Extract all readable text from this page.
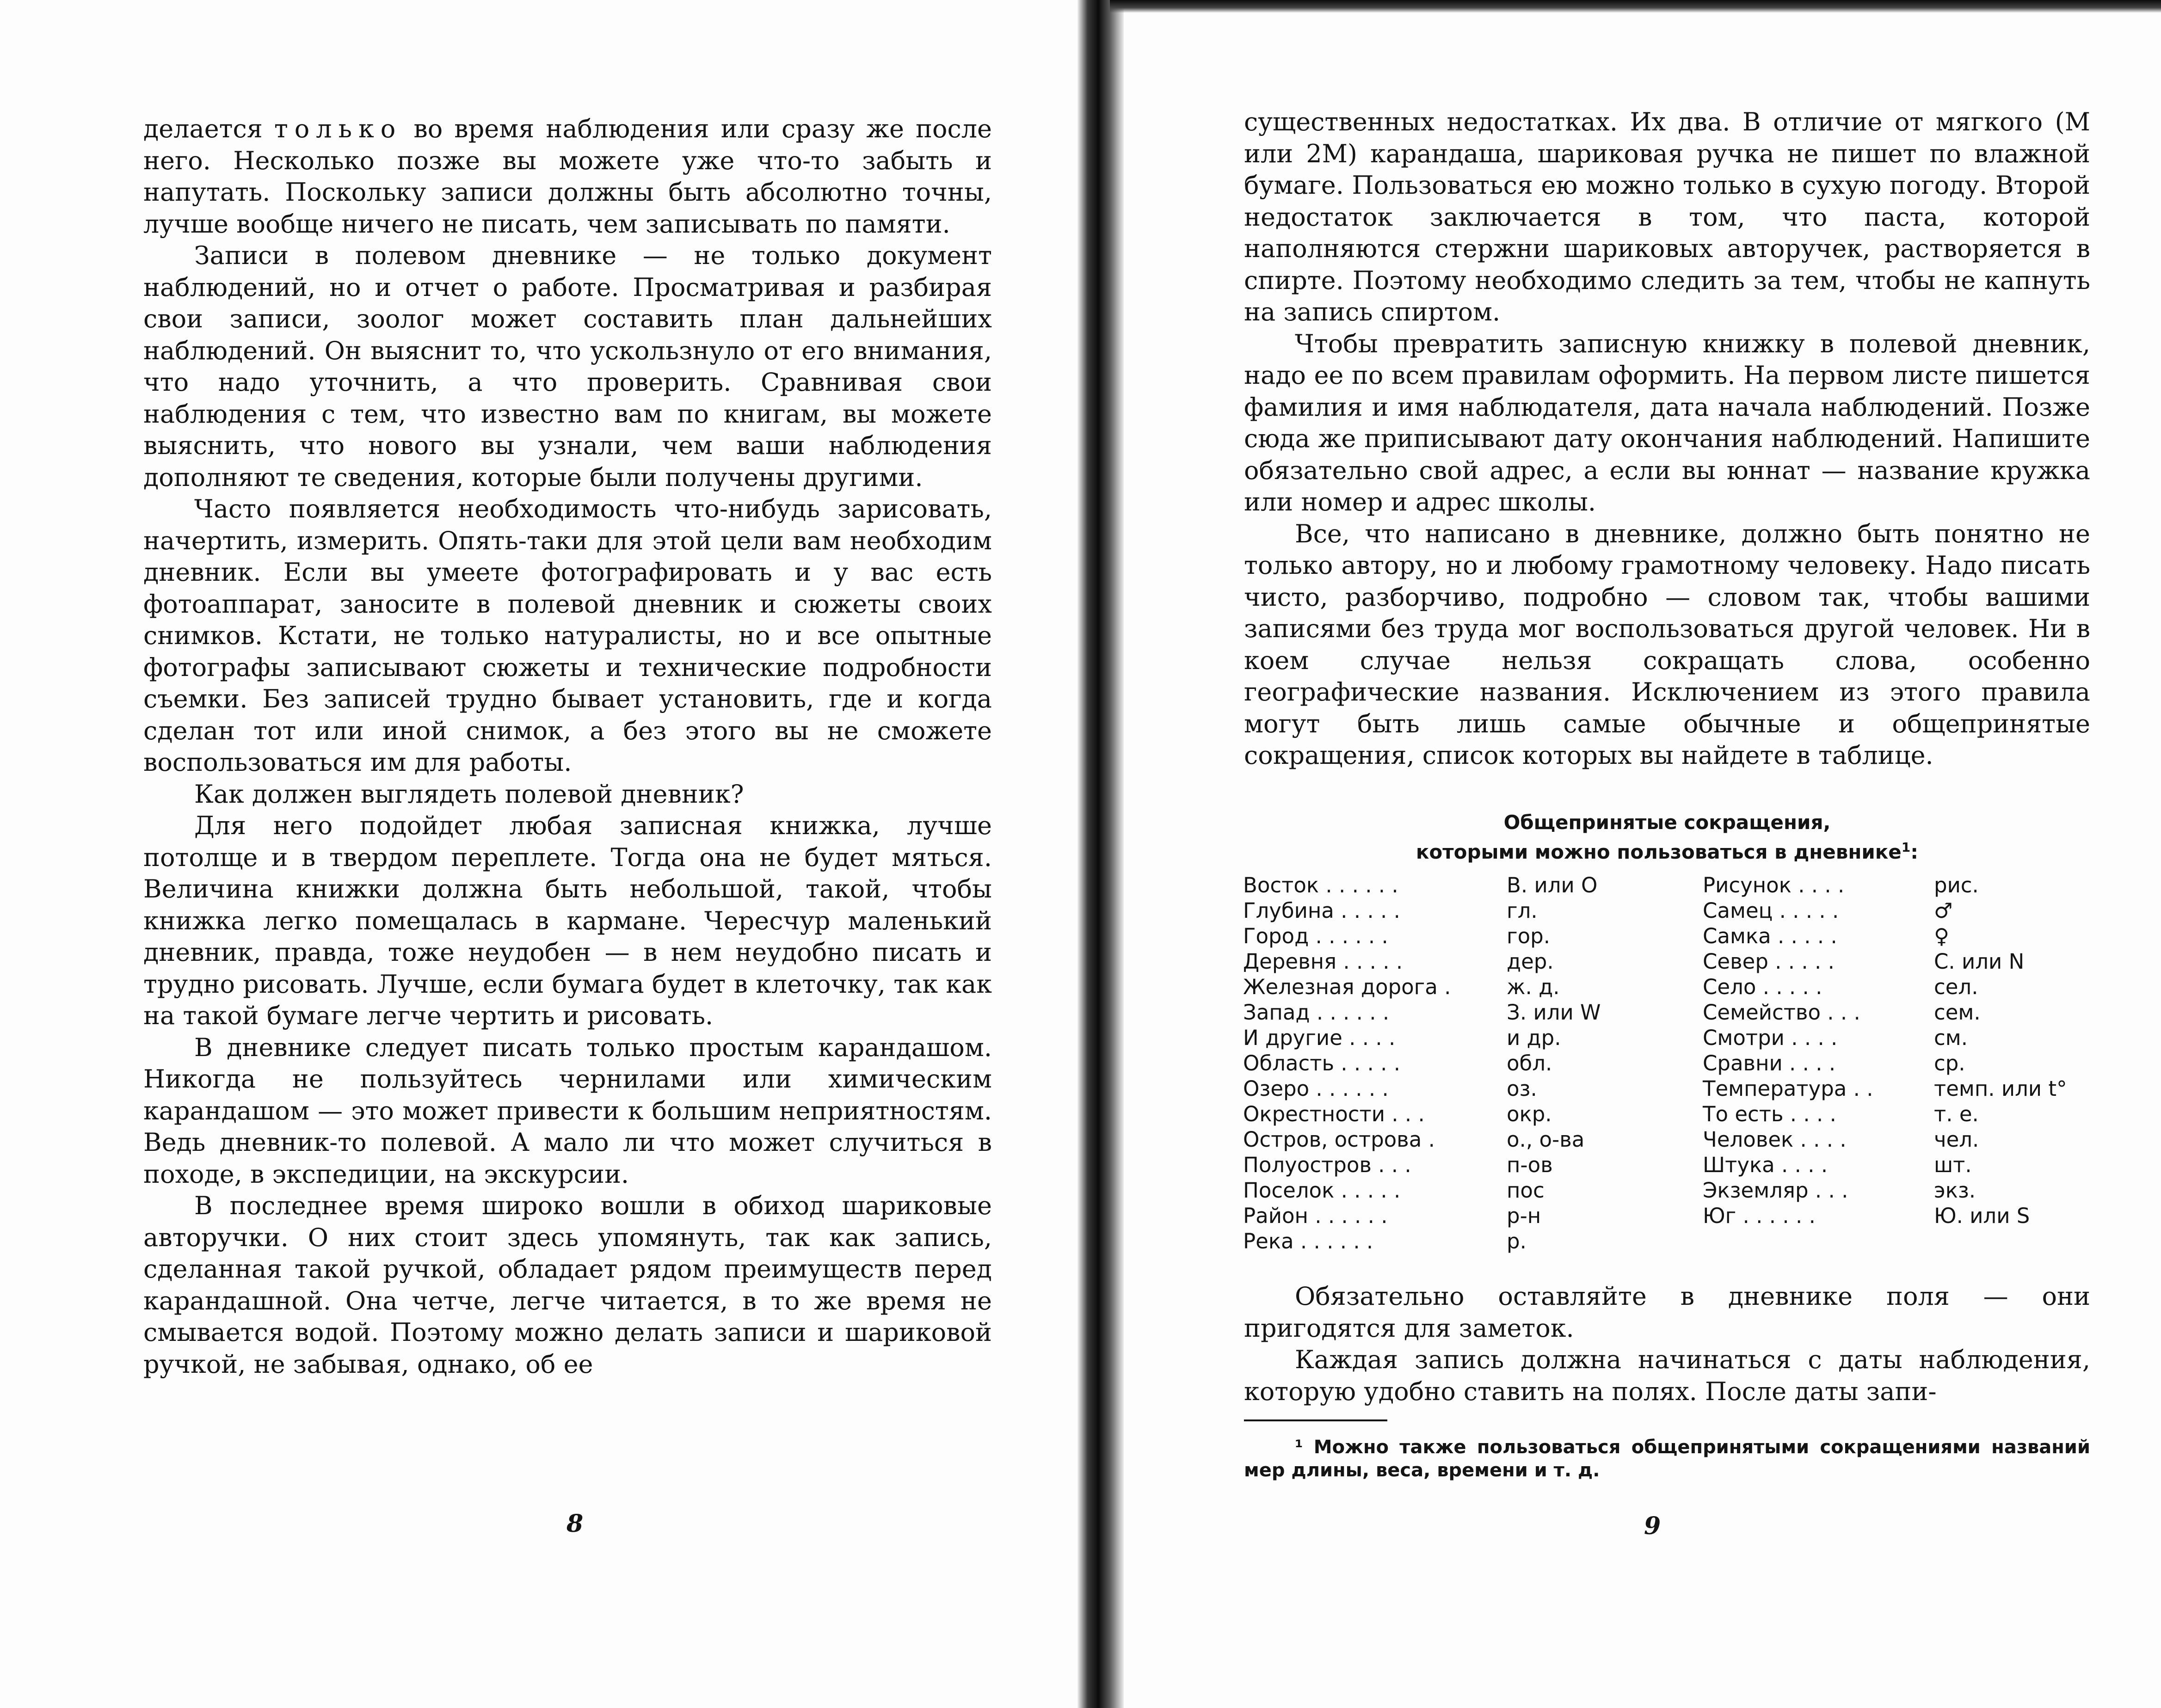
делается только во время наблюдения или сразу же после него. Несколько позже вы можете уже что-то забыть и напутать. Поскольку записи должны быть абсолютно точны, лучше вообще ничего не писать, чем записывать по памяти.

Записи в полевом дневнике — не только документ наблюдений, но и отчет о работе. Просматривая и разбирая свои записи, зоолог может составить план дальнейших наблюдений. Он выяснит то, что ускользнуло от его внимания, что надо уточнить, а что проверить. Сравнивая свои наблюдения с тем, что известно вам по книгам, вы можете выяснить, что нового вы узнали, чем ваши наблюдения дополняют те сведения, которые были получены другими.

Часто появляется необходимость что-нибудь зарисовать, начертить, измерить. Опять-таки для этой цели вам необходим дневник. Если вы умеете фотографировать и у вас есть фотоаппарат, заносите в полевой дневник и сюжеты своих снимков. Кстати, не только натуралисты, но и все опытные фотографы записывают сюжеты и технические подробности съемки. Без записей трудно бывает установить, где и когда сделан тот или иной снимок, а без этого вы не сможете воспользоваться им для работы.

Как должен выглядеть полевой дневник?

Для него подойдет любая записная книжка, лучше потолще и в твердом переплете. Тогда она не будет мяться. Величина книжки должна быть небольшой, такой, чтобы книжка легко помещалась в кармане. Чересчур маленький дневник, правда, тоже неудобен — в нем неудобно писать и трудно рисовать. Лучше, если бумага будет в клеточку, так как на такой бумаге легче чертить и рисовать.

В дневнике следует писать только простым карандашом. Никогда не пользуйтесь чернилами или химическим карандашом — это может привести к большим неприятностям. Ведь дневник-то полевой. А мало ли что может случиться в походе, в экспедиции, на экскурсии.

В последнее время широко вошли в обиход шариковые авторучки. О них стоит здесь упомянуть, так как запись, сделанная такой ручкой, обладает рядом преимуществ перед карандашной. Она четче, легче читается, в то же время не смывается водой. Поэтому можно делать записи и шариковой ручкой, не забывая, однако, об ее

8

существенных недостатках. Их два. В отличие от мягкого (М или 2М) карандаша, шариковая ручка не пишет по влажной бумаге. Пользоваться ею можно только в сухую погоду. Второй недостаток заключается в том, что паста, которой наполняются стержни шариковых авторучек, растворяется в спирте. Поэтому необходимо следить за тем, чтобы не капнуть на запись спиртом.

Чтобы превратить записную книжку в полевой дневник, надо ее по всем правилам оформить. На первом листе пишется фамилия и имя наблюдателя, дата начала наблюдений. Позже сюда же приписывают дату окончания наблюдений. Напишите обязательно свой адрес, а если вы юннат — название кружка или номер и адрес школы.

Все, что написано в дневнике, должно быть понятно не только автору, но и любому грамотному человеку. Надо писать чисто, разборчиво, подробно — словом так, чтобы вашими записями без труда мог воспользоваться другой человек. Ни в коем случае нельзя сокращать слова, особенно географические названия. Исключением из этого правила могут быть лишь самые обычные и общепринятые сокращения, список которых вы найдете в таблице.

Общепринятые сокращения,
которыми можно пользоваться в дневнике$^1$:
Восток . . . . . .	В. или О
Глубина . . . . .	гл.
Город . . . . . .	гор.
Деревня . . . . .	дер.
Железная дорога .	ж. д.
Запад . . . . . .	З. или W
И другие . . . .	и др.
Область . . . . .	обл.
Озеро . . . . . .	оз.
Окрестности . . .	окр.
Остров, острова .	о., о-ва
Полуостров . . .	п-ов
Поселок . . . . .	пос
Район . . . . . .	р-н
Река . . . . . .	р.
Рисунок . . . .	рис.
Самец . . . . .	♂
Самка . . . . .	♀
Север . . . . .	С. или N
Село . . . . .	сел.
Семейство . . .	сем.
Смотри . . . .	см.
Сравни . . . .	ср.
Температура . .	темп. или t°
То есть . . . .	т. е.
Человек . . . .	чел.
Штука . . . .	шт.
Экземляр . . .	экз.
Юг . . . . . .	Ю. или S

Обязательно оставляйте в дневнике поля — они пригодятся для заметок.

Каждая запись должна начинаться с даты наблюдения, которую удобно ставить на полях. После даты запи-

¹ Можно также пользоваться общепринятыми сокращениями названий мер длины, веса, времени и т. д.

9
